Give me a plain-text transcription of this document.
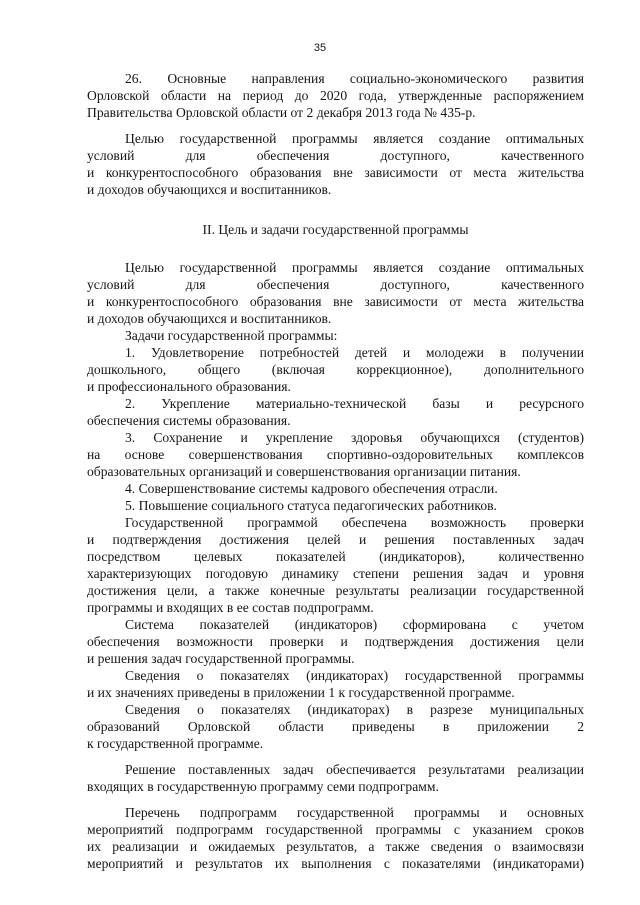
35

26. Основные направления социально-экономического развития

Орловской области на период до 2020 года, утвержденные распоряжением

Правительства Орловской области от 2 декабря 2013 года № 435-р.

Целью государственной программы является создание оптимальных

условий для обеспечения доступного, качественного

и конкурентоспособного образования вне зависимости от места жительства

и доходов обучающихся и воспитанников.

II. Цель и задачи государственной программы

Целью государственной программы является создание оптимальных

условий для обеспечения доступного, качественного

и конкурентоспособного образования вне зависимости от места жительства

и доходов обучающихся и воспитанников.

Задачи государственной программы:

1. Удовлетворение потребностей детей и молодежи в получении

дошкольного, общего (включая коррекционное), дополнительного

и профессионального образования.

2. Укрепление материально-технической базы и ресурсного

обеспечения системы образования.

3. Сохранение и укрепление здоровья обучающихся (студентов)

на основе совершенствования спортивно-оздоровительных комплексов

образовательных организаций и совершенствования организации питания.

4. Совершенствование системы кадрового обеспечения отрасли.

5. Повышение социального статуса педагогических работников.

Государственной программой обеспечена возможность проверки

и подтверждения достижения целей и решения поставленных задач

посредством целевых показателей (индикаторов), количественно

характеризующих погодовую динамику степени решения задач и уровня

достижения цели, а также конечные результаты реализации государственной

программы и входящих в ее состав подпрограмм.

Система показателей (индикаторов) сформирована с учетом

обеспечения возможности проверки и подтверждения достижения цели

и решения задач государственной программы.

Сведения о показателях (индикаторах) государственной программы

и их значениях приведены в приложении 1 к государственной программе.

Сведения о показателях (индикаторах) в разрезе муниципальных

образований Орловской области приведены в приложении 2

к государственной программе.

Решение поставленных задач обеспечивается результатами реализации

входящих в государственную программу семи подпрограмм.

Перечень подпрограмм государственной программы и основных

мероприятий подпрограмм государственной программы с указанием сроков

их реализации и ожидаемых результатов, а также сведения о взаимосвязи

мероприятий и результатов их выполнения с показателями (индикаторами)
